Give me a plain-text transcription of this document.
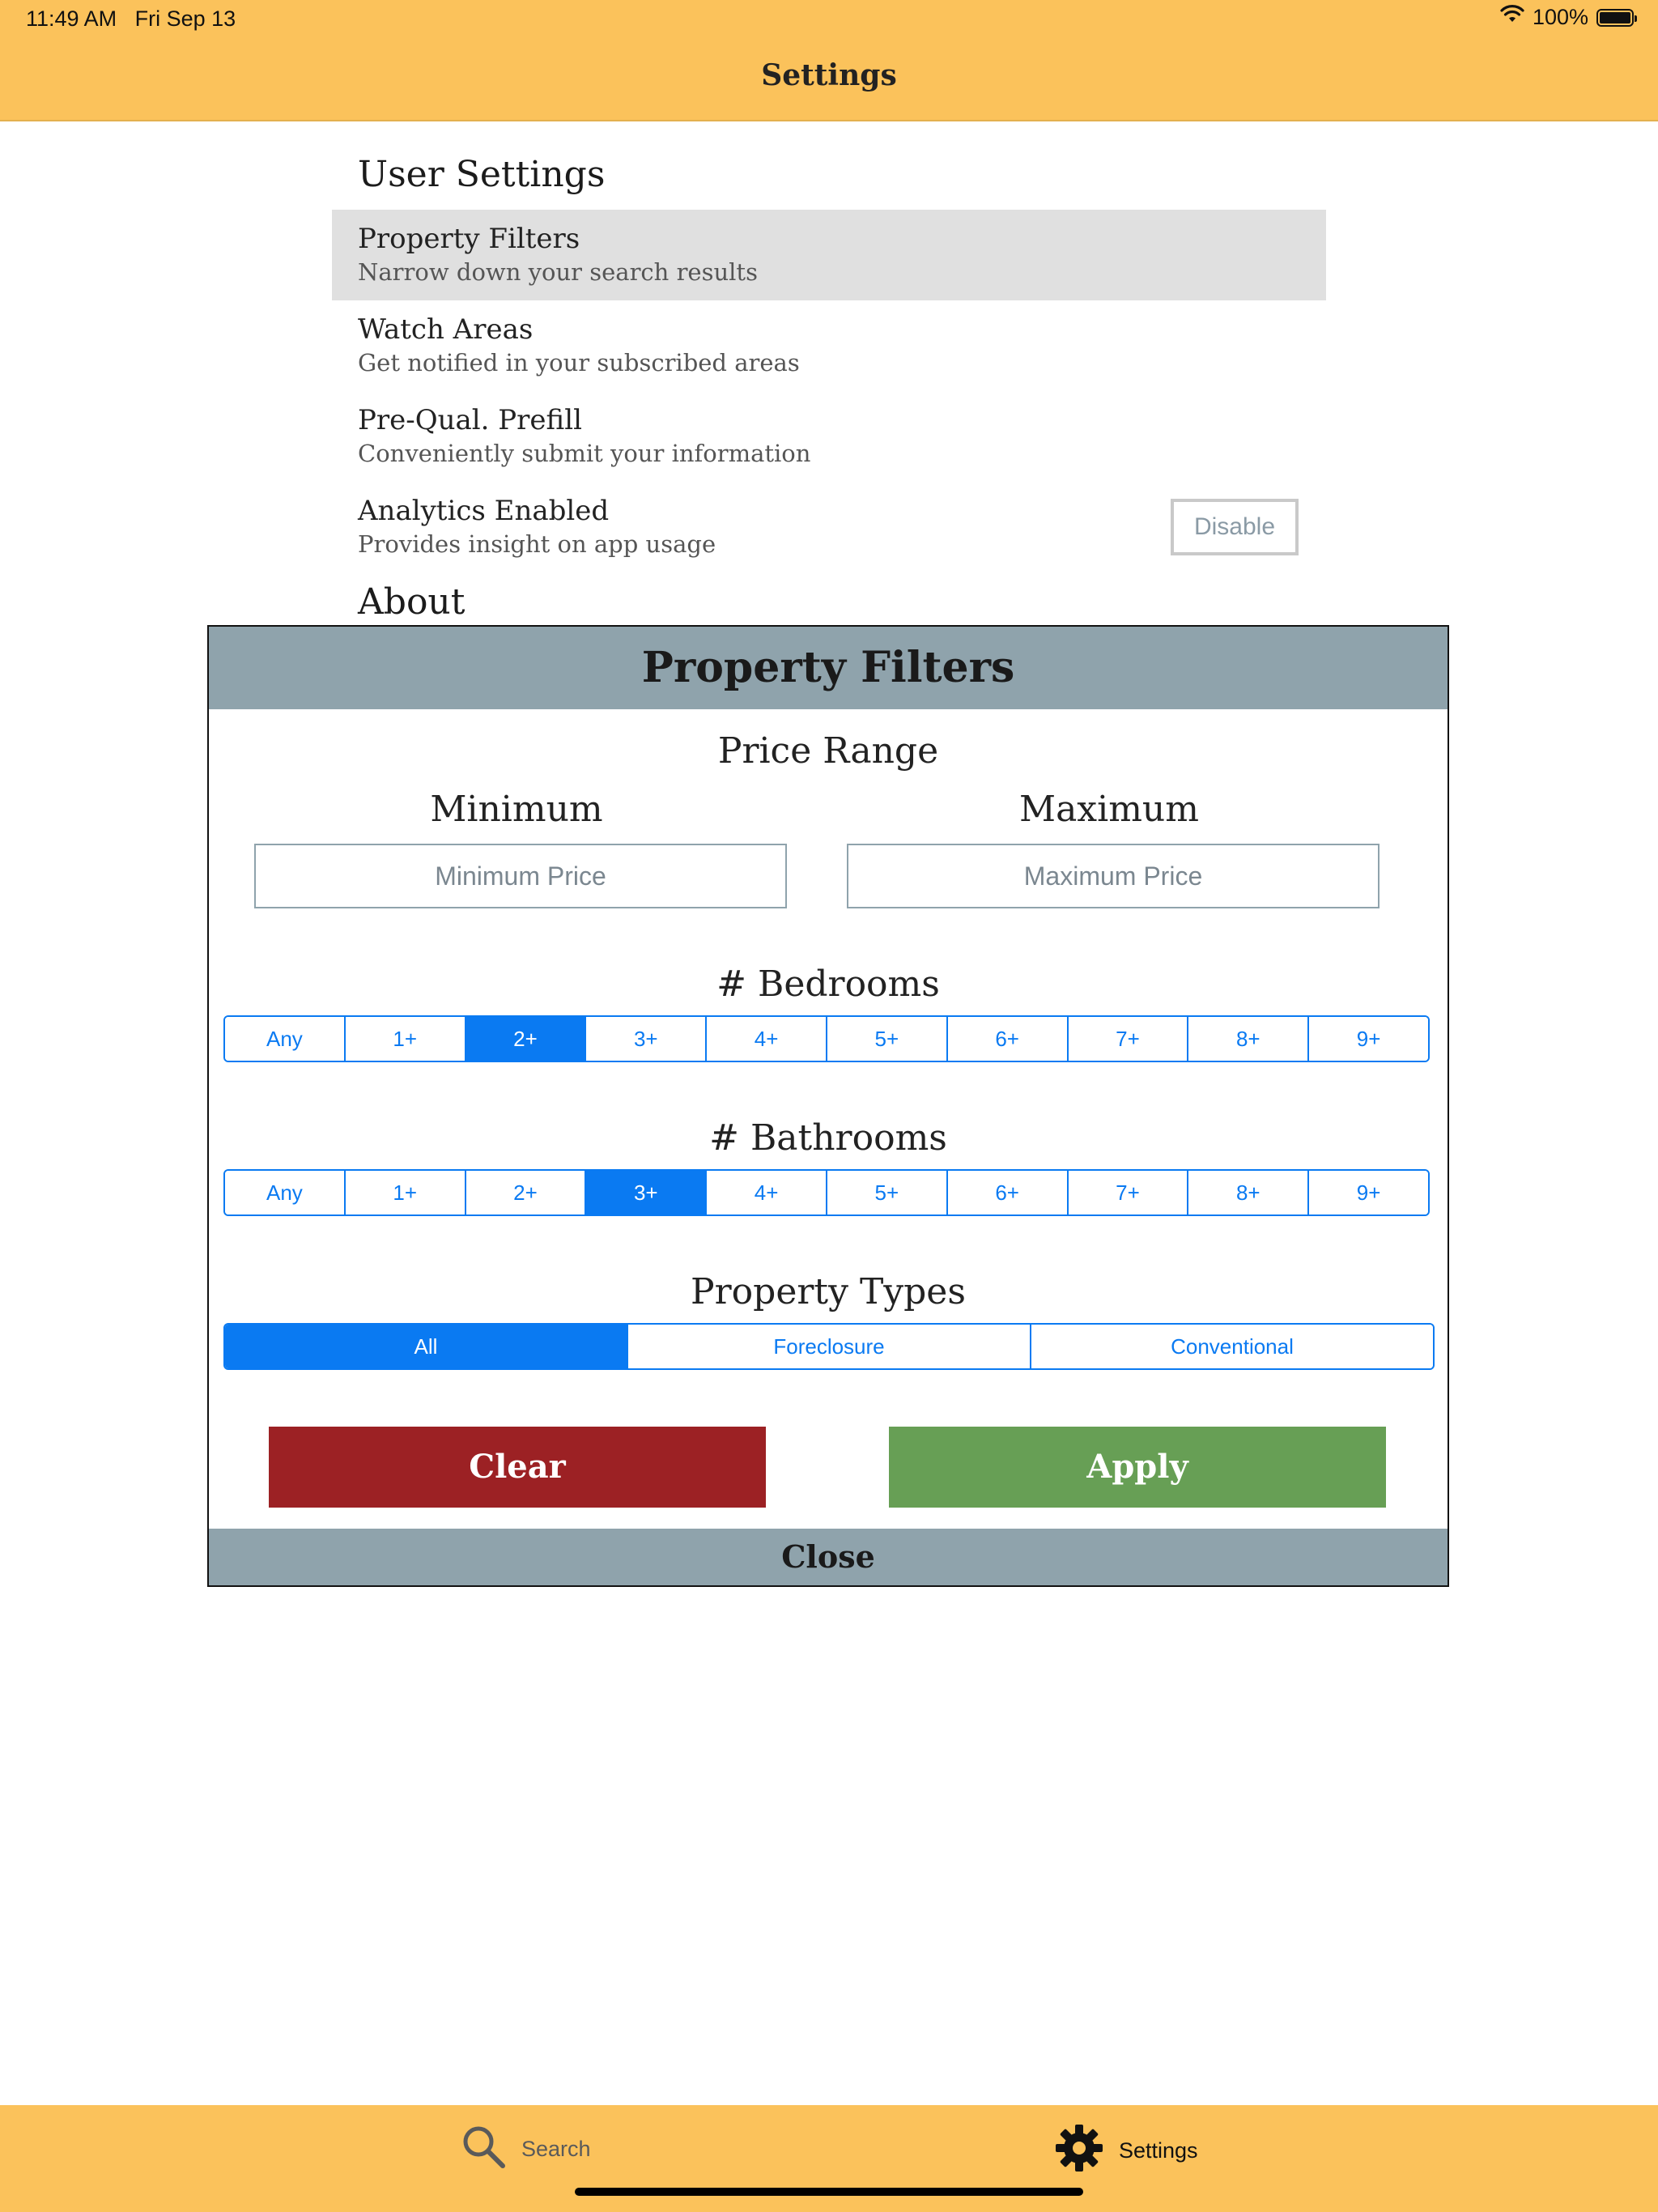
11:49 AM Fri Sep 13	100%
Settings
User Settings
Property Filters
Narrow down your search results
Watch Areas
Get notified in your subscribed areas
Pre-Qual. Prefill
Conveniently submit your information
Analytics Enabled
Provides insight on app usage
Disable
About
Property Filters
Price Range
Minimum	Maximum
Minimum Price
Maximum Price
# Bedrooms
Any	1+	2+	3+	4+	5+	6+	7+	8+	9+
# Bathrooms
Any	1+	2+	3+	4+	5+	6+	7+	8+	9+
Property Types
All	Foreclosure	Conventional
Clear	Apply
Close
Search	Settings
